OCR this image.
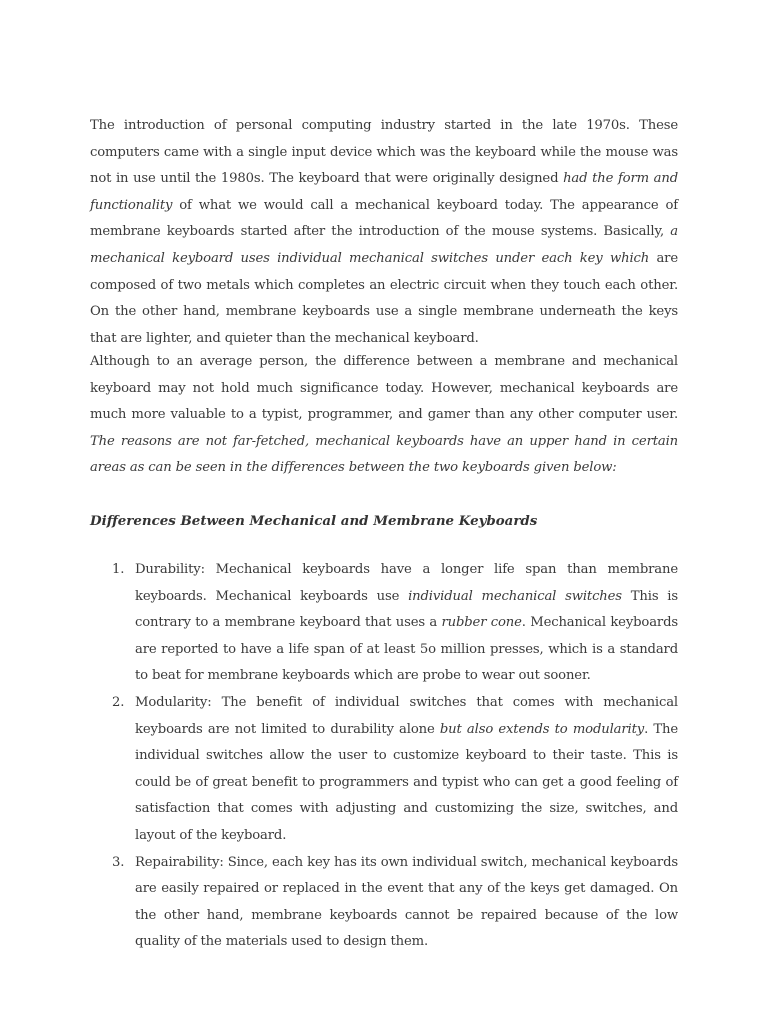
The introduction of personal computing industry started in the late 1970s. These computers came with a single input device which was the keyboard while the mouse was not in use until the 1980s. The keyboard that were originally designed had the form and functionality of what we would call a mechanical keyboard today. The appearance of membrane keyboards started after the introduction of the mouse systems. Basically, a mechanical keyboard uses individual mechanical switches under each key which are composed of two metals which completes an electric circuit when they touch each other. On the other hand, membrane keyboards use a single membrane underneath the keys that are lighter, and quieter than the mechanical keyboard.

Although to an average person, the difference between a membrane and mechanical keyboard may not hold much significance today. However, mechanical keyboards are much more valuable to a typist, programmer, and gamer than any other computer user. The reasons are not far-fetched, mechanical keyboards have an upper hand in certain areas as can be seen in the differences between the two keyboards given below:

Differences Between Mechanical and Membrane Keyboards
1. Durability: Mechanical keyboards have a longer life span than membrane keyboards. Mechanical keyboards use individual mechanical switches This is contrary to a membrane keyboard that uses a rubber cone. Mechanical keyboards are reported to have a life span of at least 5o million presses, which is a standard to beat for membrane keyboards which are probe to wear out sooner.
2. Modularity: The benefit of individual switches that comes with mechanical keyboards are not limited to durability alone but also extends to modularity. The individual switches allow the user to customize keyboard to their taste. This is could be of great benefit to programmers and typist who can get a good feeling of satisfaction that comes with adjusting and customizing the size, switches, and layout of the keyboard.
3. Repairability: Since, each key has its own individual switch, mechanical keyboards are easily repaired or replaced in the event that any of the keys get damaged. On the other hand, membrane keyboards cannot be repaired because of the low quality of the materials used to design them.
